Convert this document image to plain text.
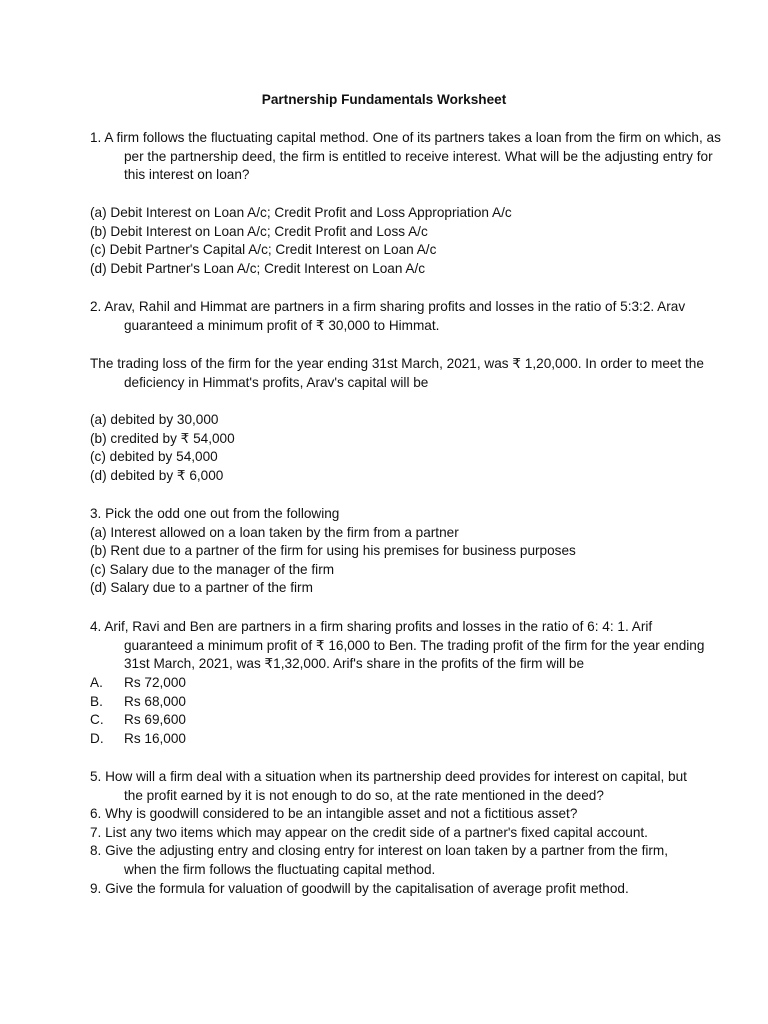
Partnership Fundamentals Worksheet
1. A firm follows the fluctuating capital method. One of its partners takes a loan from the firm on which, as per the partnership deed, the firm is entitled to receive interest. What will be the adjusting entry for this interest on loan?
(a) Debit Interest on Loan A/c; Credit Profit and Loss Appropriation A/c
(b) Debit Interest on Loan A/c; Credit Profit and Loss A/c
(c) Debit Partner's Capital A/c; Credit Interest on Loan A/c
(d) Debit Partner's Loan A/c; Credit Interest on Loan A/c
2. Arav, Rahil and Himmat are partners in a firm sharing profits and losses in the ratio of 5:3:2. Arav guaranteed a minimum profit of ₹ 30,000 to Himmat.
The trading loss of the firm for the year ending 31st March, 2021, was ₹ 1,20,000. In order to meet the deficiency in Himmat's profits, Arav's capital will be
(a) debited by 30,000
(b) credited by ₹ 54,000
(c) debited by 54,000
(d) debited by ₹ 6,000
3. Pick the odd one out from the following
(a) Interest allowed on a loan taken by the firm from a partner
(b) Rent due to a partner of the firm for using his premises for business purposes
(c) Salary due to the manager of the firm
(d) Salary due to a partner of the firm
4. Arif, Ravi and Ben are partners in a firm sharing profits and losses in the ratio of 6: 4: 1. Arif guaranteed a minimum profit of ₹ 16,000 to Ben. The trading profit of the firm for the year ending 31st March, 2021, was ₹1,32,000. Arif's share in the profits of the firm will be
A.	Rs 72,000
B.	Rs 68,000
C.	Rs 69,600
D.	Rs 16,000
5. How will a firm deal with a situation when its partnership deed provides for interest on capital, but the profit earned by it is not enough to do so, at the rate mentioned in the deed?
6. Why is goodwill considered to be an intangible asset and not a fictitious asset?
7. List any two items which may appear on the credit side of a partner's fixed capital account.
8. Give the adjusting entry and closing entry for interest on loan taken by a partner from the firm, when the firm follows the fluctuating capital method.
9. Give the formula for valuation of goodwill by the capitalisation of average profit method.
